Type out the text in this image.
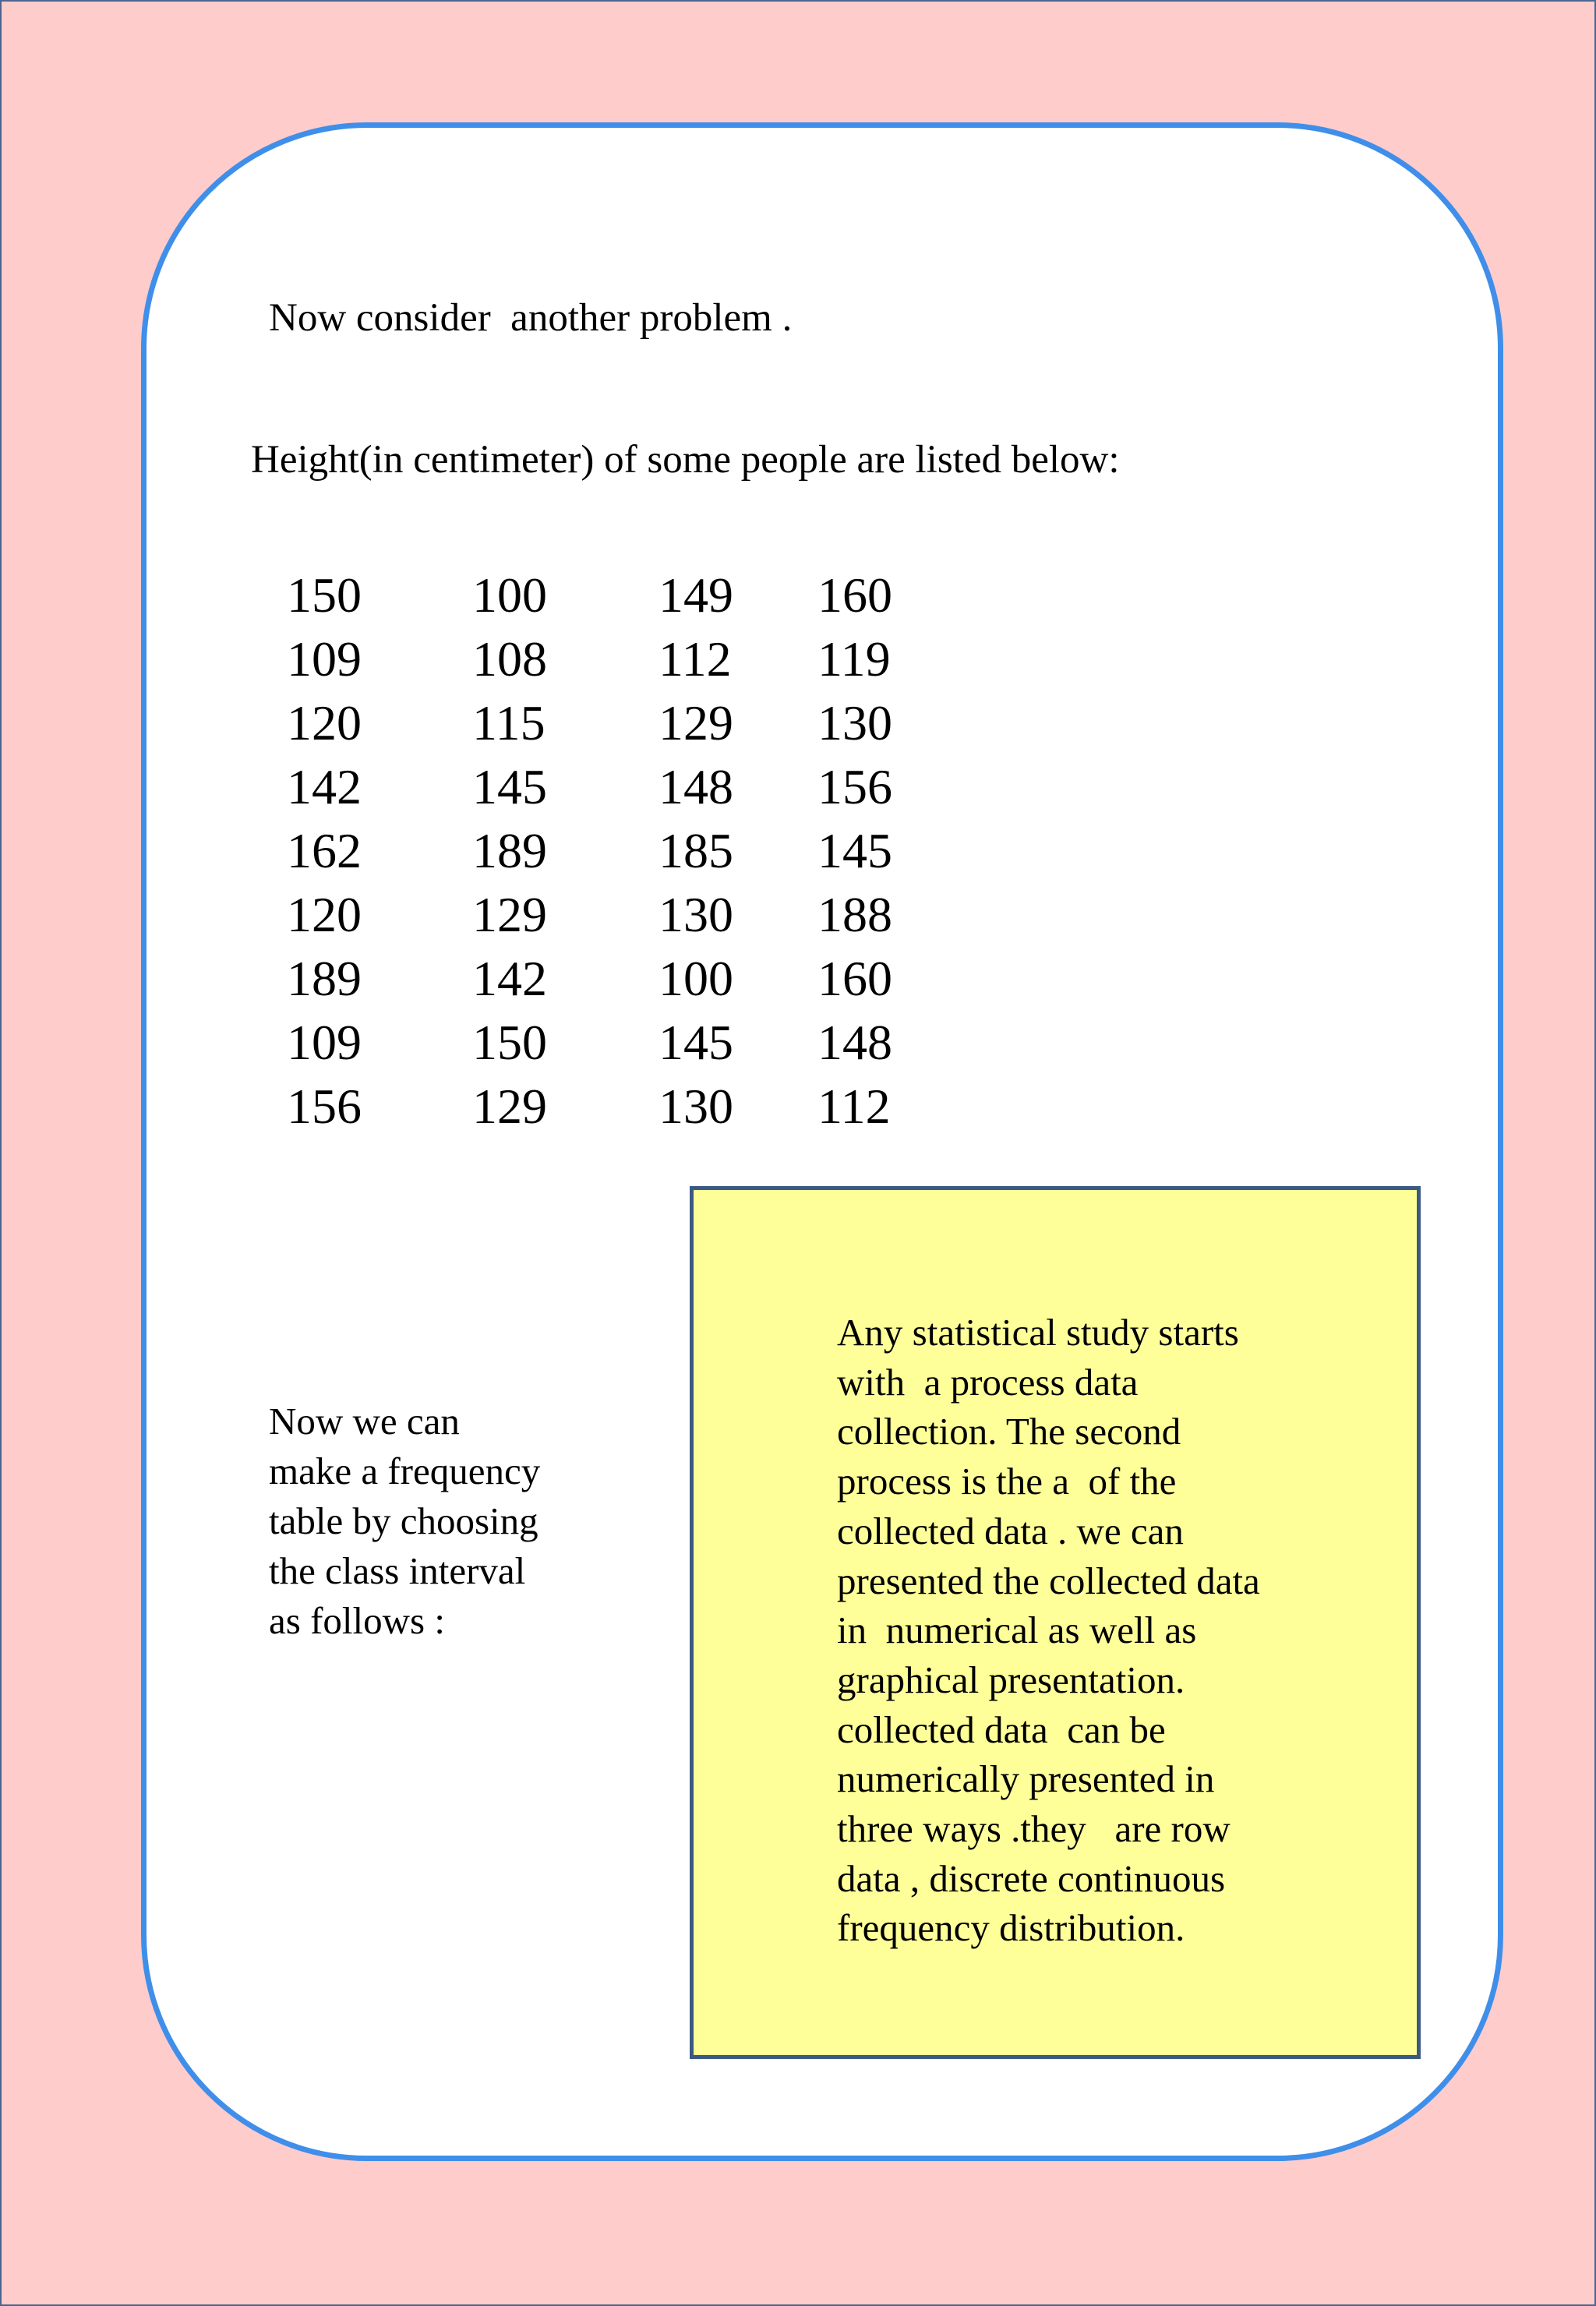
Now consider  another problem .

Height(in centimeter) of some people are listed below:

150 100 149 160
109 108 112 119
120 115 129 130
142 145 148 156
162 189 185 145
120 129 130 188
189 142 100 160
109 150 145 148
156 129 130 112
Now we can
make a frequency
table by choosing
the class interval
as follows :
Any statistical study starts
with  a process data
collection. The second
process is the a  of the
collected data . we can
presented the collected data
in  numerical as well as
graphical presentation.
collected data  can be
numerically presented in
three ways .they   are row
data , discrete continuous
frequency distribution.
